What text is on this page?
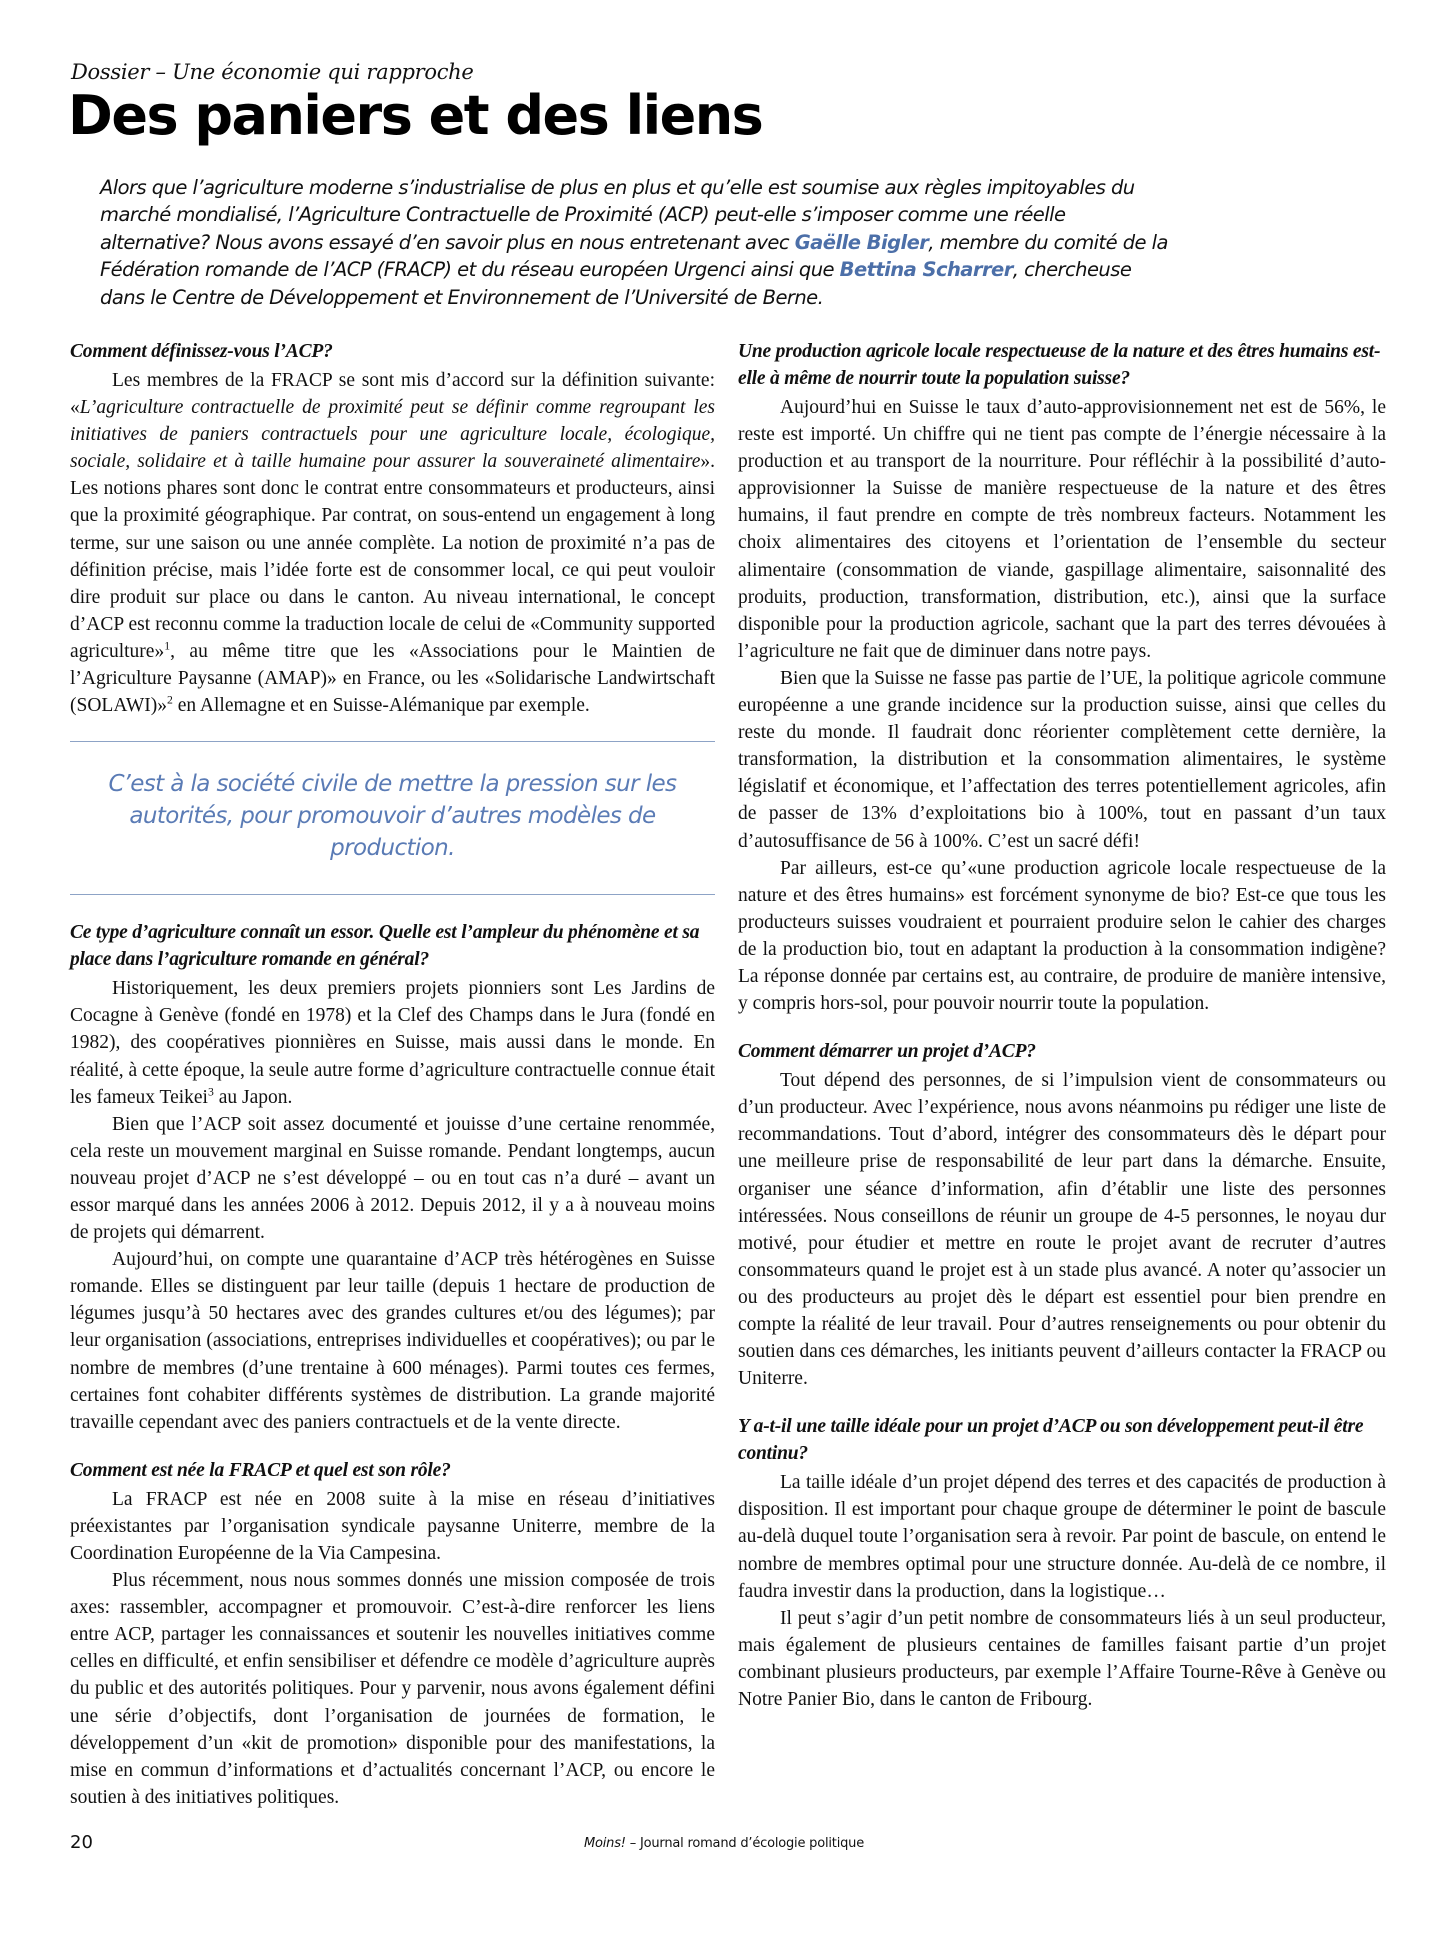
Dossier – Une économie qui rapproche
Des paniers et des liens
Alors que l’agriculture moderne s’industrialise de plus en plus et qu’elle est soumise aux règles impitoyables du marché mondialisé, l’Agriculture Contractuelle de Proximité (ACP) peut-elle s’imposer comme une réelle alternative? Nous avons essayé d’en savoir plus en nous entretenant avec Gaëlle Bigler, membre du comité de la Fédération romande de l’ACP (FRACP) et du réseau européen Urgenci ainsi que Bettina Scharrer, chercheuse dans le Centre de Développement et Environnement de l’Université de Berne.

Comment définissez-vous l’ACP?

Les membres de la FRACP se sont mis d’accord sur la définition suivante: «L’agriculture contractuelle de proximité peut se définir comme regroupant les initiatives de paniers contractuels pour une agriculture locale, écologique, sociale, solidaire et à taille humaine pour assurer la souveraineté alimentaire». Les notions phares sont donc le contrat entre consommateurs et producteurs, ainsi que la proximité géographique. Par contrat, on sous-entend un engagement à long terme, sur une saison ou une année complète. La notion de proximité n’a pas de définition précise, mais l’idée forte est de consommer local, ce qui peut vouloir dire produit sur place ou dans le canton. Au niveau international, le concept d’ACP est reconnu comme la traduction locale de celui de «Community supported agriculture»$^1$, au même titre que les «Associations pour le Maintien de l’Agriculture Paysanne (AMAP)» en France, ou les «Solidarische Landwirtschaft (SOLAWI)»$^2$ en Allemagne et en Suisse-Alémanique par exemple.

C’est à la société civile de mettre la pression sur les autorités, pour promouvoir d’autres modèles de production.

Ce type d’agriculture connaît un essor. Quelle est l’ampleur du phénomène et sa place dans l’agriculture romande en général?

Historiquement, les deux premiers projets pionniers sont Les Jardins de Cocagne à Genève (fondé en 1978) et la Clef des Champs dans le Jura (fondé en 1982), des coopératives pionnières en Suisse, mais aussi dans le monde. En réalité, à cette époque, la seule autre forme d’agriculture contractuelle connue était les fameux Teikei$^3$ au Japon.

Bien que l’ACP soit assez documenté et jouisse d’une certaine renommée, cela reste un mouvement marginal en Suisse romande. Pendant longtemps, aucun nouveau projet d’ACP ne s’est développé – ou en tout cas n’a duré – avant un essor marqué dans les années 2006 à 2012. Depuis 2012, il y a à nouveau moins de projets qui démarrent.

Aujourd’hui, on compte une quarantaine d’ACP très hétérogènes en Suisse romande. Elles se distinguent par leur taille (depuis 1 hectare de production de légumes jusqu’à 50 hectares avec des grandes cultures et/ou des légumes); par leur organisation (associations, entreprises individuelles et coopératives); ou par le nombre de membres (d’une trentaine à 600 ménages). Parmi toutes ces fermes, certaines font cohabiter différents systèmes de distribution. La grande majorité travaille cependant avec des paniers contractuels et de la vente directe.

Comment est née la FRACP et quel est son rôle?

La FRACP est née en 2008 suite à la mise en réseau d’initiatives préexistantes par l’organisation syndicale paysanne Uniterre, membre de la Coordination Européenne de la Via Campesina.

Plus récemment, nous nous sommes donnés une mission composée de trois axes: rassembler, accompagner et promouvoir. C’est-à-dire renforcer les liens entre ACP, partager les connaissances et soutenir les nouvelles initiatives comme celles en difficulté, et enfin sensibiliser et défendre ce modèle d’agriculture auprès du public et des autorités politiques. Pour y parvenir, nous avons également défini une série d’objectifs, dont l’organisation de journées de formation, le développement d’un «kit de promotion» disponible pour des manifestations, la mise en commun d’informations et d’actualités concernant l’ACP, ou encore le soutien à des initiatives politiques.

Une production agricole locale respectueuse de la nature et des êtres humains est-elle à même de nourrir toute la population suisse?

Aujourd’hui en Suisse le taux d’auto-approvisionnement net est de 56%, le reste est importé. Un chiffre qui ne tient pas compte de l’énergie nécessaire à la production et au transport de la nourriture. Pour réfléchir à la possibilité d’auto-approvisionner la Suisse de manière respectueuse de la nature et des êtres humains, il faut prendre en compte de très nombreux facteurs. Notamment les choix alimentaires des citoyens et l’orientation de l’ensemble du secteur alimentaire (consommation de viande, gaspillage alimentaire, saisonnalité des produits, production, transformation, distribution, etc.), ainsi que la surface disponible pour la production agricole, sachant que la part des terres dévouées à l’agriculture ne fait que de diminuer dans notre pays.

Bien que la Suisse ne fasse pas partie de l’UE, la politique agricole commune européenne a une grande incidence sur la production suisse, ainsi que celles du reste du monde. Il faudrait donc réorienter complètement cette dernière, la transformation, la distribution et la consommation alimentaires, le système législatif et économique, et l’affectation des terres potentiellement agricoles, afin de passer de 13% d’exploitations bio à 100%, tout en passant d’un taux d’autosuffisance de 56 à 100%. C’est un sacré défi!

Par ailleurs, est-ce qu’«une production agricole locale respectueuse de la nature et des êtres humains» est forcément synonyme de bio? Est-ce que tous les producteurs suisses voudraient et pourraient produire selon le cahier des charges de la production bio, tout en adaptant la production à la consommation indigène? La réponse donnée par certains est, au contraire, de produire de manière intensive, y compris hors-sol, pour pouvoir nourrir toute la population.

Comment démarrer un projet d’ACP?

Tout dépend des personnes, de si l’impulsion vient de consommateurs ou d’un producteur. Avec l’expérience, nous avons néanmoins pu rédiger une liste de recommandations. Tout d’abord, intégrer des consommateurs dès le départ pour une meilleure prise de responsabilité de leur part dans la démarche. Ensuite, organiser une séance d’information, afin d’établir une liste des personnes intéressées. Nous conseillons de réunir un groupe de 4-5 personnes, le noyau dur motivé, pour étudier et mettre en route le projet avant de recruter d’autres consommateurs quand le projet est à un stade plus avancé. A noter qu’associer un ou des producteurs au projet dès le départ est essentiel pour bien prendre en compte la réalité de leur travail. Pour d’autres renseignements ou pour obtenir du soutien dans ces démarches, les initiants peuvent d’ailleurs contacter la FRACP ou Uniterre.

Y a-t-il une taille idéale pour un projet d’ACP ou son développement peut-il être continu?

La taille idéale d’un projet dépend des terres et des capacités de production à disposition. Il est important pour chaque groupe de déterminer le point de bascule au-delà duquel toute l’organisation sera à revoir. Par point de bascule, on entend le nombre de membres optimal pour une structure donnée. Au-delà de ce nombre, il faudra investir dans la production, dans la logistique…

Il peut s’agir d’un petit nombre de consommateurs liés à un seul producteur, mais également de plusieurs centaines de familles faisant partie d’un projet combinant plusieurs producteurs, par exemple l’Affaire Tourne-Rêve à Genève ou Notre Panier Bio, dans le canton de Fribourg.

20	Moins! – Journal romand d’écologie politique
